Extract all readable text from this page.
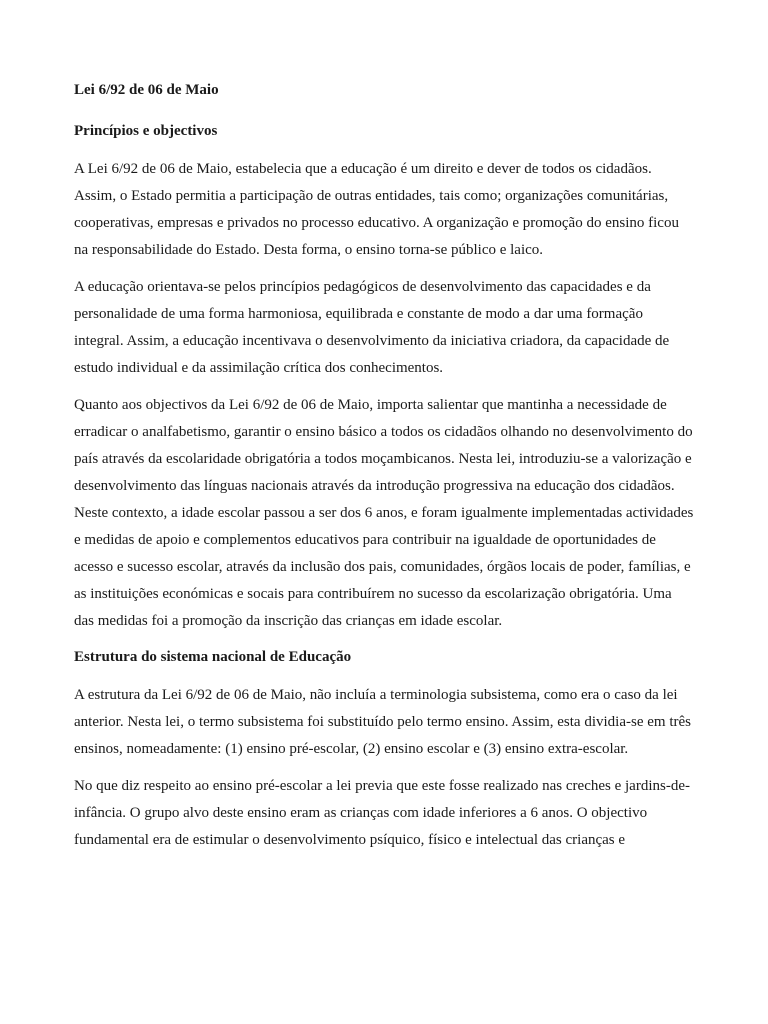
Lei 6/92 de 06 de Maio
Princípios e objectivos

A Lei 6/92 de 06 de Maio, estabelecia que a educação é um direito e dever de todos os cidadãos. Assim, o Estado permitia a participação de outras entidades, tais como; organizações comunitárias, cooperativas, empresas e privados no processo educativo. A organização e promoção do ensino ficou na responsabilidade do Estado. Desta forma, o ensino torna-se público e laico.

A educação orientava-se pelos princípios pedagógicos de desenvolvimento das capacidades e da personalidade de uma forma harmoniosa, equilibrada e constante de modo a dar uma formação integral. Assim, a educação incentivava o desenvolvimento da iniciativa criadora, da capacidade de estudo individual e da assimilação crítica dos conhecimentos.

Quanto aos objectivos da Lei 6/92 de 06 de Maio, importa salientar que mantinha a necessidade de erradicar o analfabetismo, garantir o ensino básico a todos os cidadãos olhando no desenvolvimento do país através da escolaridade obrigatória a todos moçambicanos. Nesta lei, introduziu-se a valorização e desenvolvimento das línguas nacionais através da introdução progressiva na educação dos cidadãos. Neste contexto, a idade escolar passou a ser dos 6 anos, e foram igualmente implementadas actividades e medidas de apoio e complementos educativos para contribuir na igualdade de oportunidades de acesso e sucesso escolar, através da inclusão dos pais, comunidades, órgãos locais de poder, famílias, e as instituições económicas e socais para contribuírem no sucesso da escolarização obrigatória. Uma das medidas foi a promoção da inscrição das crianças em idade escolar.

Estrutura do sistema nacional de Educação

A estrutura da Lei 6/92 de 06 de Maio, não incluía a terminologia subsistema, como era o caso da lei anterior. Nesta lei, o termo subsistema foi substituído pelo termo ensino. Assim, esta dividia-se em três ensinos, nomeadamente: (1) ensino pré-escolar, (2) ensino escolar e (3) ensino extra-escolar.

No que diz respeito ao ensino pré-escolar a lei previa que este fosse realizado nas creches e jardins-de-infância. O grupo alvo deste ensino eram as crianças com idade inferiores a 6 anos. O objectivo fundamental era de estimular o desenvolvimento psíquico, físico e intelectual das crianças e
